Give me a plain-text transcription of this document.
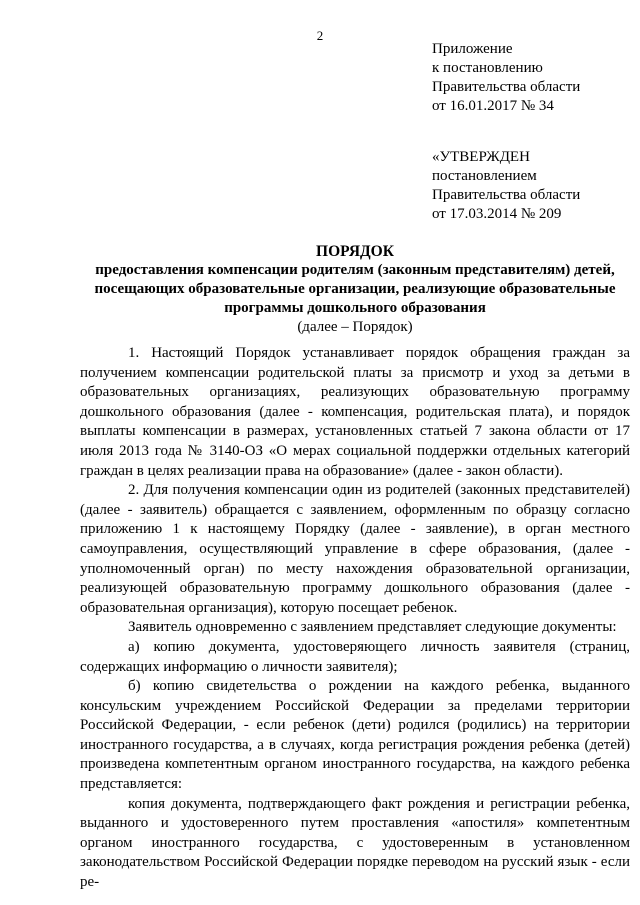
2
Приложение
к постановлению
Правительства области
от 16.01.2017 № 34
«УТВЕРЖДЕН
постановлением
Правительства области
от 17.03.2014 № 209
ПОРЯДОК
предоставления компенсации родителям (законным представителям) детей,
посещающих образовательные организации, реализующие образовательные
программы дошкольного образования
(далее – Порядок)

1. Настоящий Порядок устанавливает порядок обращения граждан за получением компенсации родительской платы за присмотр и уход за детьми в образовательных организациях, реализующих образовательную программу дошкольного образования (далее - компенсация, родительская плата), и порядок выплаты компенсации в размерах, установленных статьей 7 закона области от 17 июля 2013 года № 3140-ОЗ «О мерах социальной поддержки отдельных категорий граждан в целях реализации права на образование» (далее - закон области).

2. Для получения компенсации один из родителей (законных представителей) (далее - заявитель) обращается с заявлением, оформленным по образцу согласно приложению 1 к настоящему Порядку (далее - заявление), в орган местного самоуправления, осуществляющий управление в сфере образования, (далее - уполномоченный орган) по месту нахождения образовательной организации, реализующей образовательную программу дошкольного образования (далее - образовательная организация), которую посещает ребенок.

Заявитель одновременно с заявлением представляет следующие документы:

а) копию документа, удостоверяющего личность заявителя (страниц, содержащих информацию о личности заявителя);

б) копию свидетельства о рождении на каждого ребенка, выданного консульским учреждением Российской Федерации за пределами территории Российской Федерации, - если ребенок (дети) родился (родились) на территории иностранного государства, а в случаях, когда регистрация рождения ребенка (детей) произведена компетентным органом иностранного государства, на каждого ребенка представляется:

копия документа, подтверждающего факт рождения и регистрации ребенка, выданного и удостоверенного путем проставления «апостиля» компетентным органом иностранного государства, с удостоверенным в установленном законодательством Российской Федерации порядке переводом на русский язык - если ре-
